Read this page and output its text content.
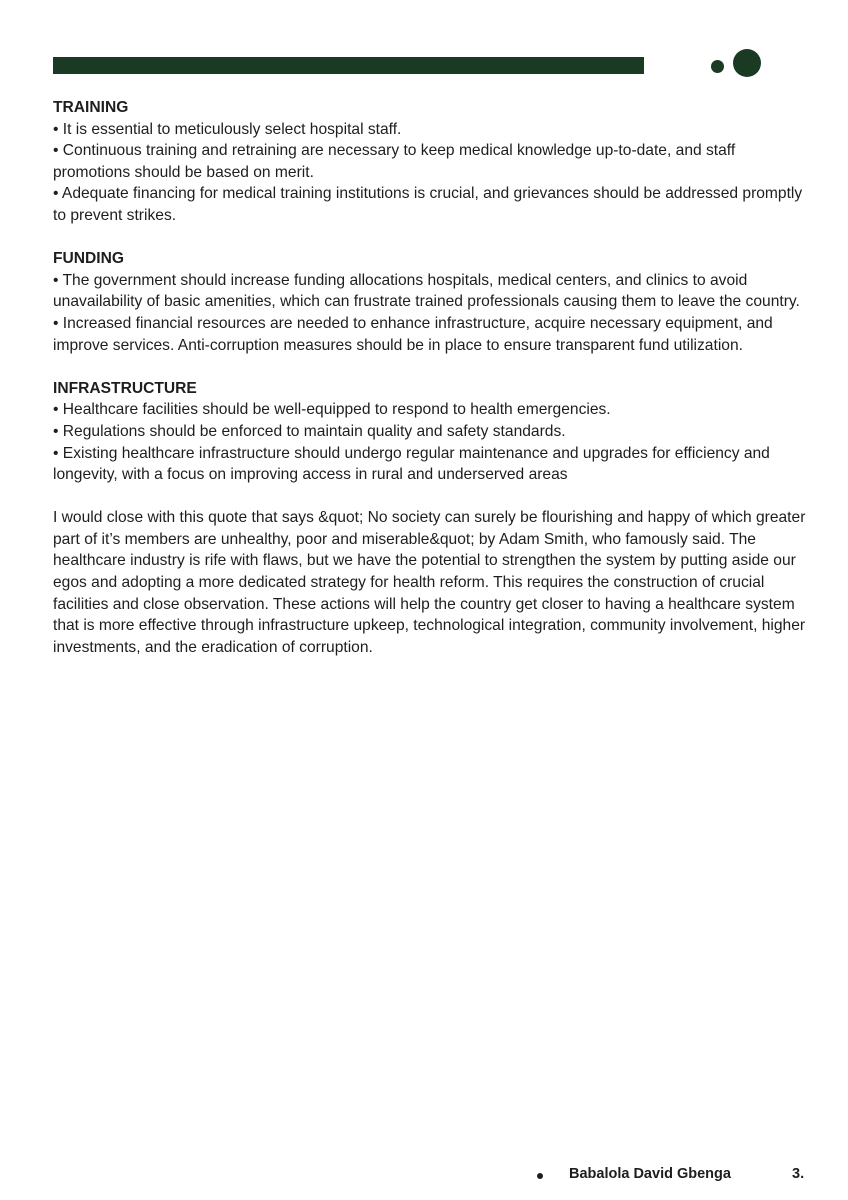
TRAINING

• It is essential to meticulously select hospital staff.

• Continuous training and retraining are necessary to keep medical knowledge up-to-date, and staff promotions should be based on merit.

• Adequate financing for medical training institutions is crucial, and grievances should be addressed promptly to prevent strikes.

FUNDING

• The government should increase funding allocations hospitals, medical centers, and clinics to avoid unavailability of basic amenities, which can frustrate trained professionals causing them to leave the country.

• Increased financial resources are needed to enhance infrastructure, acquire necessary equipment, and improve services. Anti-corruption measures should be in place to ensure transparent fund utilization.

INFRASTRUCTURE

• Healthcare facilities should be well-equipped to respond to health emergencies.

• Regulations should be enforced to maintain quality and safety standards.

• Existing healthcare infrastructure should undergo regular maintenance and upgrades for efficiency and longevity, with a focus on improving access in rural and underserved areas

I would close with this quote that says &quot; No society can surely be flourishing and happy of which greater part of it’s members are unhealthy, poor and miserable&quot; by Adam Smith, who famously said. The healthcare industry is rife with flaws, but we have the potential to strengthen the system by putting aside our egos and adopting a more dedicated strategy for health reform. This requires the construction of crucial facilities and close observation. These actions will help the country get closer to having a healthcare system that is more effective through infrastructure upkeep, technological integration, community involvement, higher investments, and the eradication of corruption.

Babalola David Gbenga	3.
